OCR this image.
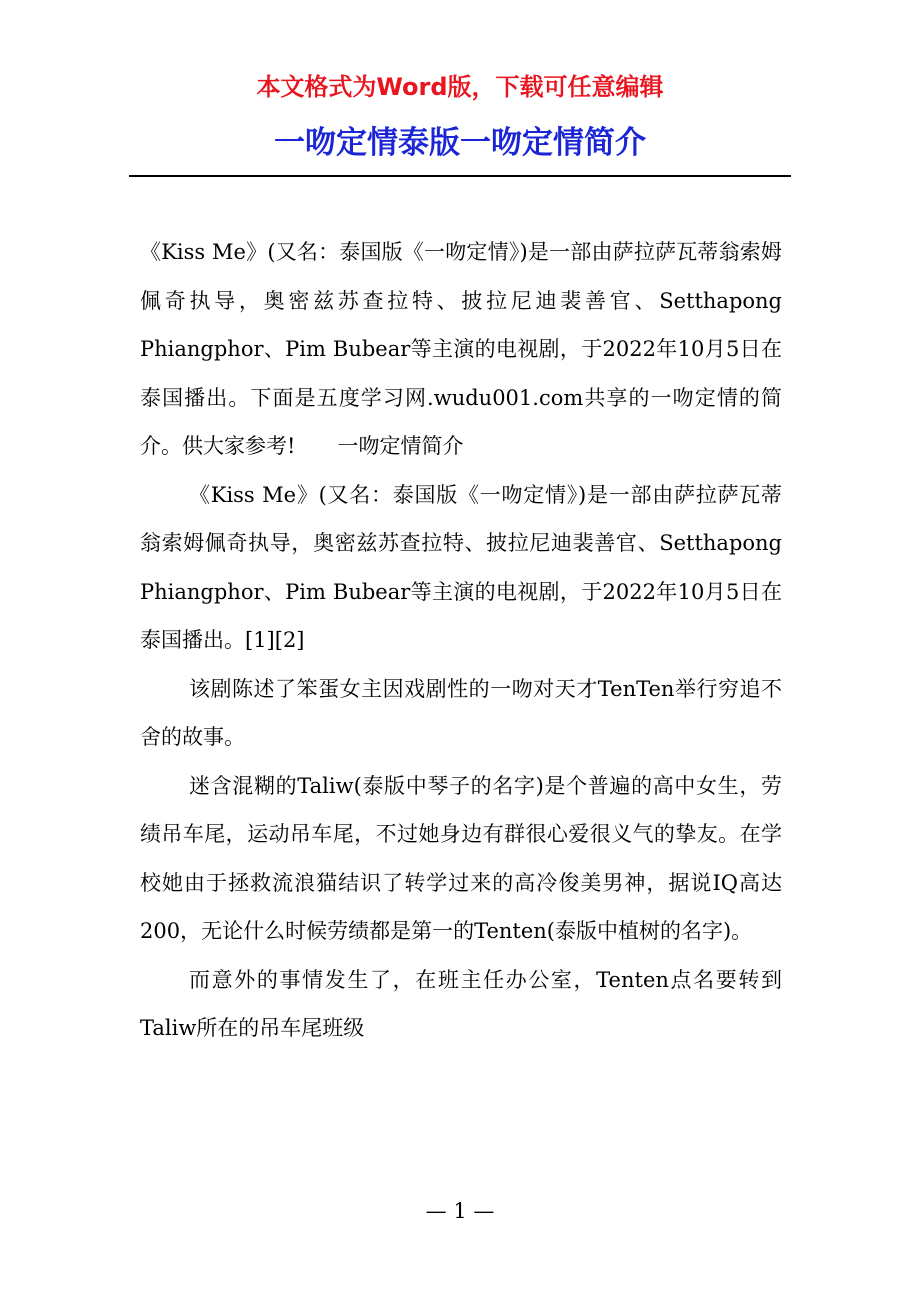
本文格式为Word版，下载可任意编辑

一吻定情泰版一吻定情简介

《Kiss Me》(又名：泰国版《一吻定情》)是一部由萨拉萨瓦蒂翁索姆佩奇执导，奥密兹苏查拉特、披拉尼迪裴善官、Setthapong Phiangphor、Pim Bubear等主演的电视剧，于2022年10月5日在泰国播出。下面是五度学习网.wudu001.com共享的一吻定情的简介。供大家参考!　　一吻定情简介

《Kiss Me》(又名：泰国版《一吻定情》)是一部由萨拉萨瓦蒂翁索姆佩奇执导，奥密兹苏查拉特、披拉尼迪裴善官、Setthapong Phiangphor、Pim Bubear等主演的电视剧，于2022年10月5日在泰国播出。[1][2]

该剧陈述了笨蛋女主因戏剧性的一吻对天才TenTen举行穷追不舍的故事。

迷含混糊的Taliw(泰版中琴子的名字)是个普遍的高中女生，劳绩吊车尾，运动吊车尾，不过她身边有群很心爱很义气的挚友。在学校她由于拯救流浪猫结识了转学过来的高冷俊美男神，据说IQ高达200，无论什么时候劳绩都是第一的Tenten(泰版中植树的名字)。

而意外的事情发生了，在班主任办公室，Tenten点名要转到Taliw所在的吊车尾班级

— 1 —
